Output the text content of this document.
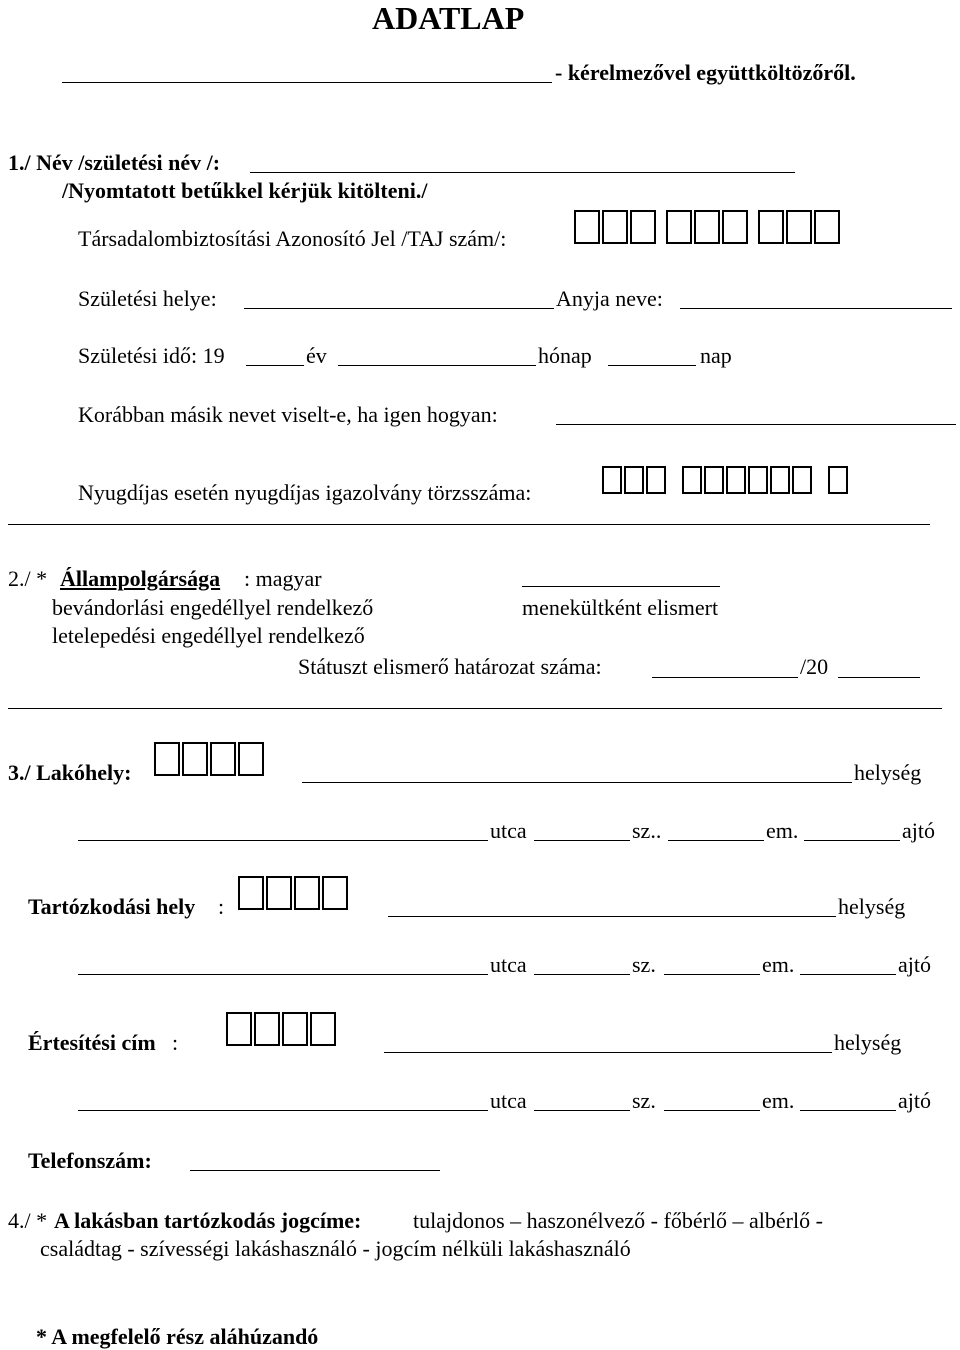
ADATLAP
- kérelmezővel együttköltözőről.
1./ Név /születési név /:
/Nyomtatott betűkkel kérjük kitölteni./
Társadalombiztosítási Azonosító Jel /TAJ szám/:
Születési helye:	Anyja neve:
Születési idő: 19	év	hónap	nap
Korábban másik nevet viselt-e, ha igen hogyan:
Nyugdíjas esetén nyugdíjas igazolvány törzsszáma:
2./ * Állampolgársága : magyar
bevándorlási engedéllyel rendelkező	menekültként elismert
letelepedési engedéllyel rendelkező
Státuszt elismerő határozat száma:	/20
3./ Lakóhely:	helység
utca	sz..	em.	ajtó
Tartózkodási hely :	helység
utca	sz.	em.	ajtó
Értesítési cím :	helység
utca	sz.	em.	ajtó
Telefonszám:
4./ * A lakásban tartózkodás jogcíme: tulajdonos – haszonélvező - főbérlő – albérlő -
családtag - szívességi lakáshasználó - jogcím nélküli lakáshasználó
* A megfelelő rész aláhúzandó
